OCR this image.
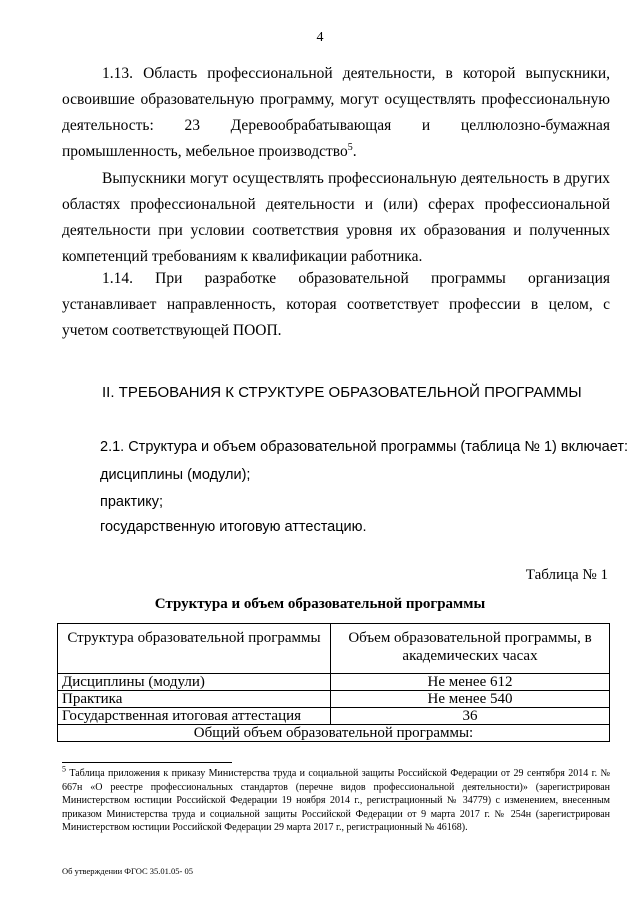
4

1.13. Область профессиональной деятельности, в которой выпускники, освоившие образовательную программу, могут осуществлять профессиональную деятельность: 23 Деревообрабатывающая и целлюлозно-бумажная промышленность, мебельное производство$^5$.

Выпускники могут осуществлять профессиональную деятельность в других областях профессиональной деятельности и (или) сферах профессиональной деятельности при условии соответствия уровня их образования и полученных компетенций требованиям к квалификации работника.

1.14. При разработке образовательной программы организация устанавливает направленность, которая соответствует профессии в целом, с учетом соответствующей ПООП.

II. ТРЕБОВАНИЯ К СТРУКТУРЕ ОБРАЗОВАТЕЛЬНОЙ ПРОГРАММЫ
2.1. Структура и объем образовательной программы (таблица № 1) включает:
дисциплины (модули);
практику;
государственную итоговую аттестацию.
Таблица № 1
Структура и объем образовательной программы
Структура образовательной программы	Объем образовательной программы, в академических часах
Дисциплины (модули)	Не менее 612
Практика	Не менее 540
Государственная итоговая аттестация	36
Общий объем образовательной программы:	

$^5$ Таблица приложения к приказу Министерства труда и социальной защиты Российской Федерации от 29 сентября 2014 г. № 667н «О реестре профессиональных стандартов (перечне видов профессиональной деятельности)» (зарегистрирован Министерством юстиции Российской Федерации 19 ноября 2014 г., регистрационный № 34779) с изменением, внесенным приказом Министерства труда и социальной защиты Российской Федерации от 9 марта 2017 г. № 254н (зарегистрирован Министерством юстиции Российской Федерации 29 марта 2017 г., регистрационный № 46168).

Об утверждении ФГОС 35.01.05- 05
